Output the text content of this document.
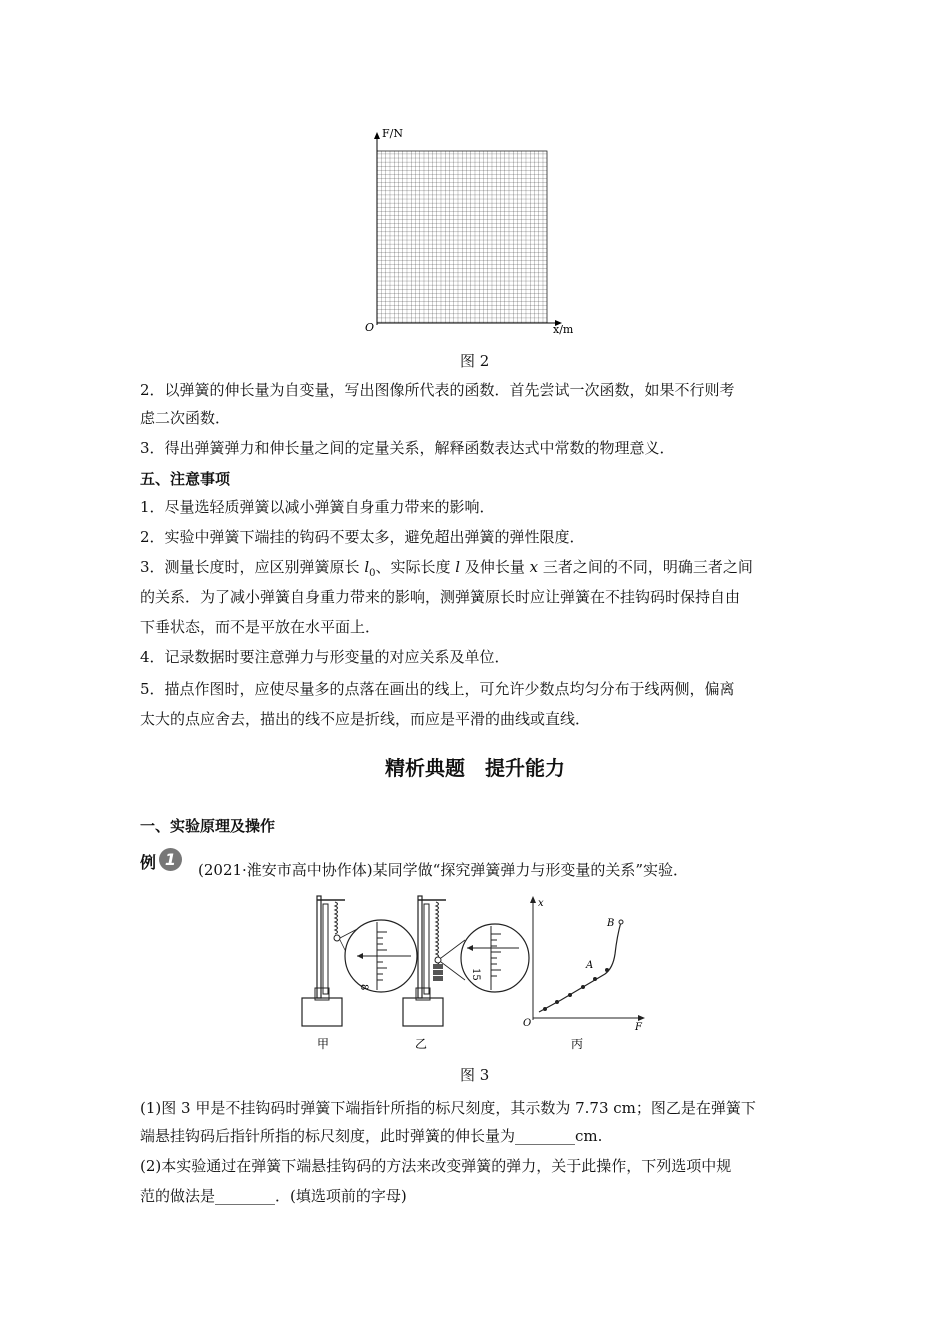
F/N
O	x/m
图 2
2．以弹簧的伸长量为自变量，写出图像所代表的函数．首先尝试一次函数，如果不行则考
虑二次函数．
3．得出弹簧弹力和伸长量之间的定量关系，解释函数表达式中常数的物理意义．
五、注意事项
1．尽量选轻质弹簧以减小弹簧自身重力带来的影响．
2．实验中弹簧下端挂的钩码不要太多，避免超出弹簧的弹性限度．
3．测量长度时，应区别弹簧原长 $l_0$、实际长度 l 及伸长量 x 三者之间的不同，明确三者之间
的关系．为了减小弹簧自身重力带来的影响，测弹簧原长时应让弹簧在不挂钩码时保持自由
下垂状态，而不是平放在水平面上．
4．记录数据时要注意弹力与形变量的对应关系及单位．
5．描点作图时，应使尽量多的点落在画出的线上，可允许少数点均匀分布于线两侧，偏离
太大的点应舍去，描出的线不应是折线，而应是平滑的曲线或直线．
精析典题　提升能力
一、实验原理及操作
例 1
(2021·淮安市高中协作体)某同学做“探究弹簧弹力与形变量的关系”实验．
8
甲
15
乙
x
F
O
A
B
丙
图 3
(1)图 3 甲是不挂钩码时弹簧下端指针所指的标尺刻度，其示数为 7.73 cm；图乙是在弹簧下
端悬挂钩码后指针所指的标尺刻度，此时弹簧的伸长量为________cm.
(2)本实验通过在弹簧下端悬挂钩码的方法来改变弹簧的弹力，关于此操作，下列选项中规
范的做法是________．(填选项前的字母)
